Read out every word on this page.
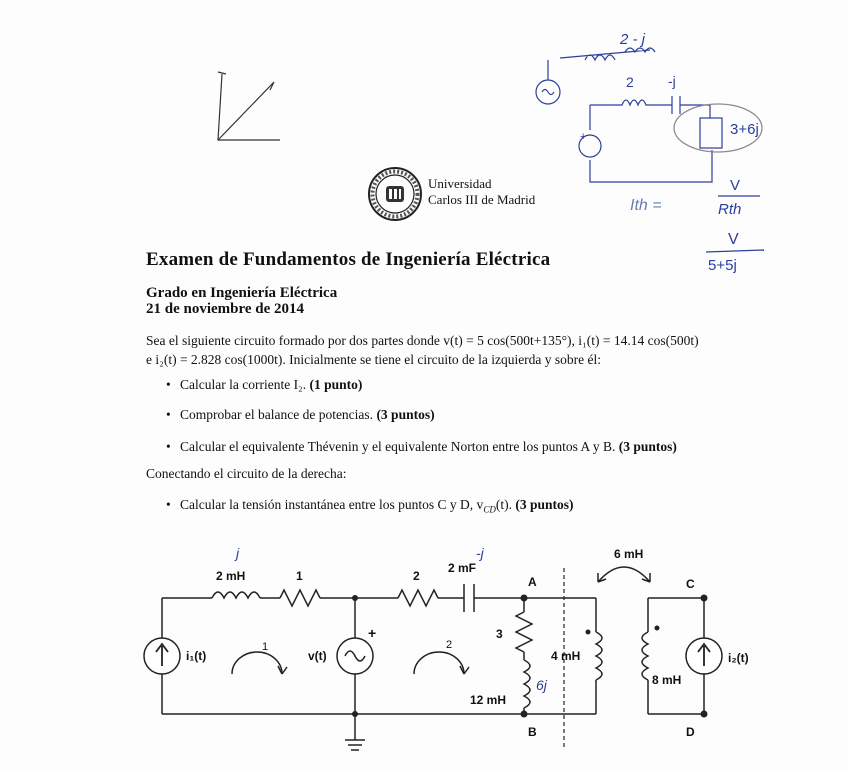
Universidad
Carlos III de Madrid
Examen de Fundamentos de Ingeniería Eléctrica
Grado en Ingeniería Eléctrica
21 de noviembre de 2014
Sea el siguiente circuito formado por dos partes donde v(t) = 5 cos(500t+135°), i₁(t) = 14.14 cos(500t)
e i₂(t) = 2.828 cos(1000t). Inicialmente se tiene el circuito de la izquierda y sobre él:
• Calcular la corriente I₂. (1 punto)
• Comprobar el balance de potencias. (3 puntos)
• Calcular el equivalente Thévenin y el equivalente Norton entre los puntos A y B. (3 puntos)
Conectando el circuito de la derecha:
• Calcular la tensión instantánea entre los puntos C y D, $v_{CD}(t)$. (3 puntos)
2 - j
2 -j
3+6j
Ith =
V
Rth
V
5+5j
+
2 mH	1	2
2 mF
3
12 mH
i₁(t)	v(t)
+
A
B
C
D
6 mH
4 mH
8 mH
i₂(t)
1	2
j	-j
6j
